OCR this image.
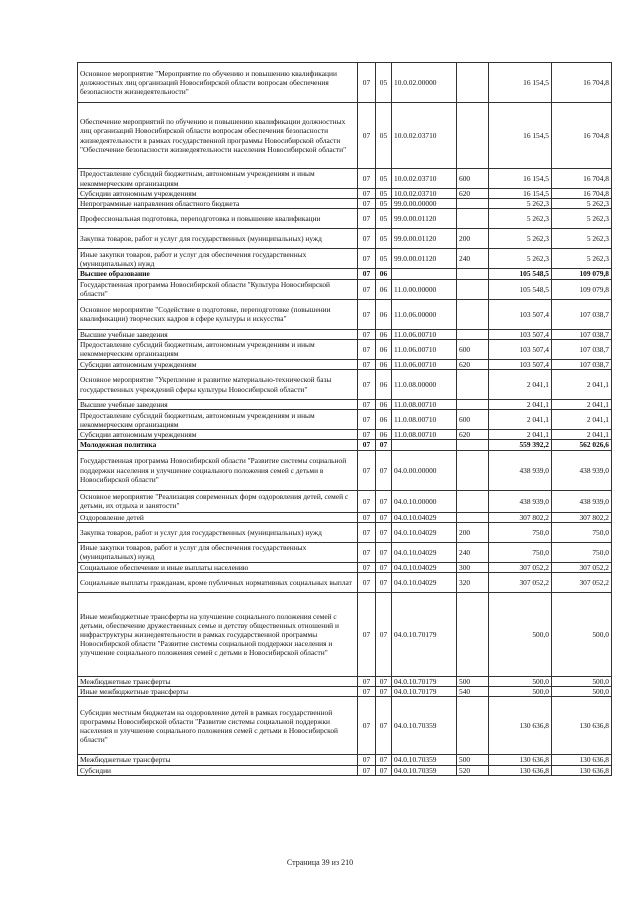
Основное мероприятие "Мероприятие по обучению и повышению квалификации должностных лиц организаций Новосибирской области вопросам обеспечения безопасности жизнедеятельности"	07	05	10.0.02.00000		16 154,5	16 704,8
Обеспечение мероприятий по обучению и повышению квалификации должностных лиц организаций Новосибирской области вопросам обеспечения безопасности жизнедеятельности в рамках государственной программы Новосибирской области "Обеспечение безопасности жизнедеятельности населения Новосибирской области"	07	05	10.0.02.03710		16 154,5	16 704,8
Предоставление субсидий бюджетным, автономным учреждениям и иным некоммерческим организациям	07	05	10.0.02.03710	600	16 154,5	16 704,8
Субсидии автономным учреждениям	07	05	10.0.02.03710	620	16 154,5	16 704,8
Непрограммные направления областного бюджета	07	05	99.0.00.00000		5 262,3	5 262,3
Профессиональная подготовка, переподготовка и повышение квалификации	07	05	99.0.00.01120		5 262,3	5 262,3
Закупка товаров, работ и услуг для государственных (муниципальных) нужд	07	05	99.0.00.01120	200	5 262,3	5 262,3
Иные закупки товаров, работ и услуг для обеспечения государственных (муниципальных) нужд	07	05	99.0.00.01120	240	5 262,3	5 262,3
Высшее образование	07	06			105 548,5	109 079,8
Государственная программа Новосибирской области "Культура Новосибирской области"	07	06	11.0.00.00000		105 548,5	109 079,8
Основное мероприятие "Содействие в подготовке, переподготовке (повышении квалификации) творческих кадров в сфере культуры и искусства"	07	06	11.0.06.00000		103 507,4	107 038,7
Высшие учебные заведения	07	06	11.0.06.00710		103 507,4	107 038,7
Предоставление субсидий бюджетным, автономным учреждениям и иным некоммерческим организациям	07	06	11.0.06.00710	600	103 507,4	107 038,7
Субсидии автономным учреждениям	07	06	11.0.06.00710	620	103 507,4	107 038,7
Основное мероприятие "Укрепление и развитие материально-технической базы государственных учреждений сферы культуры Новосибирской области"	07	06	11.0.08.00000		2 041,1	2 041,1
Высшие учебные заведения	07	06	11.0.08.00710		2 041,1	2 041,1
Предоставление субсидий бюджетным, автономным учреждениям и иным некоммерческим организациям	07	06	11.0.08.00710	600	2 041,1	2 041,1
Субсидии автономным учреждениям	07	06	11.0.08.00710	620	2 041,1	2 041,1
Молодежная политика	07	07			559 392,2	562 026,6
Государственная программа Новосибирской области "Развитие системы социальной поддержки населения и улучшение социального положения семей с детьми в Новосибирской области"	07	07	04.0.00.00000		438 939,0	438 939,0
Основное мероприятие "Реализация современных форм оздоровления детей, семей с детьми, их отдыха и занятости"	07	07	04.0.10.00000		438 939,0	438 939,0
Оздоровление детей	07	07	04.0.10.04029		307 802,2	307 802,2
Закупка товаров, работ и услуг для государственных (муниципальных) нужд	07	07	04.0.10.04029	200	750,0	750,0
Иные закупки товаров, работ и услуг для обеспечения государственных (муниципальных) нужд	07	07	04.0.10.04029	240	750,0	750,0
Социальное обеспечение и иные выплаты населению	07	07	04.0.10.04029	300	307 052,2	307 052,2
Социальные выплаты гражданам, кроме публичных нормативных социальных выплат	07	07	04.0.10.04029	320	307 052,2	307 052,2
Иные межбюджетные трансферты на улучшение социального положения семей с детьми, обеспечение дружественных семье и детству общественных отношений и инфраструктуры жизнедеятельности в рамках государственной программы Новосибирской области "Развитие системы социальной поддержки населения и улучшение социального положения семей с детьми в Новосибирской области"	07	07	04.0.10.70179		500,0	500,0
Межбюджетные трансферты	07	07	04.0.10.70179	500	500,0	500,0
Иные межбюджетные трансферты	07	07	04.0.10.70179	540	500,0	500,0
Субсидии местным бюджетам на оздоровление детей в рамках государственной программы Новосибирской области "Развитие системы социальной поддержки населения и улучшение социального положения семей с детьми в Новосибирской области"	07	07	04.0.10.70359		130 636,8	130 636,8
Межбюджетные трансферты	07	07	04.0.10.70359	500	130 636,8	130 636,8
Субсидии	07	07	04.0.10.70359	520	130 636,8	130 636,8
Страница 39 из 210
